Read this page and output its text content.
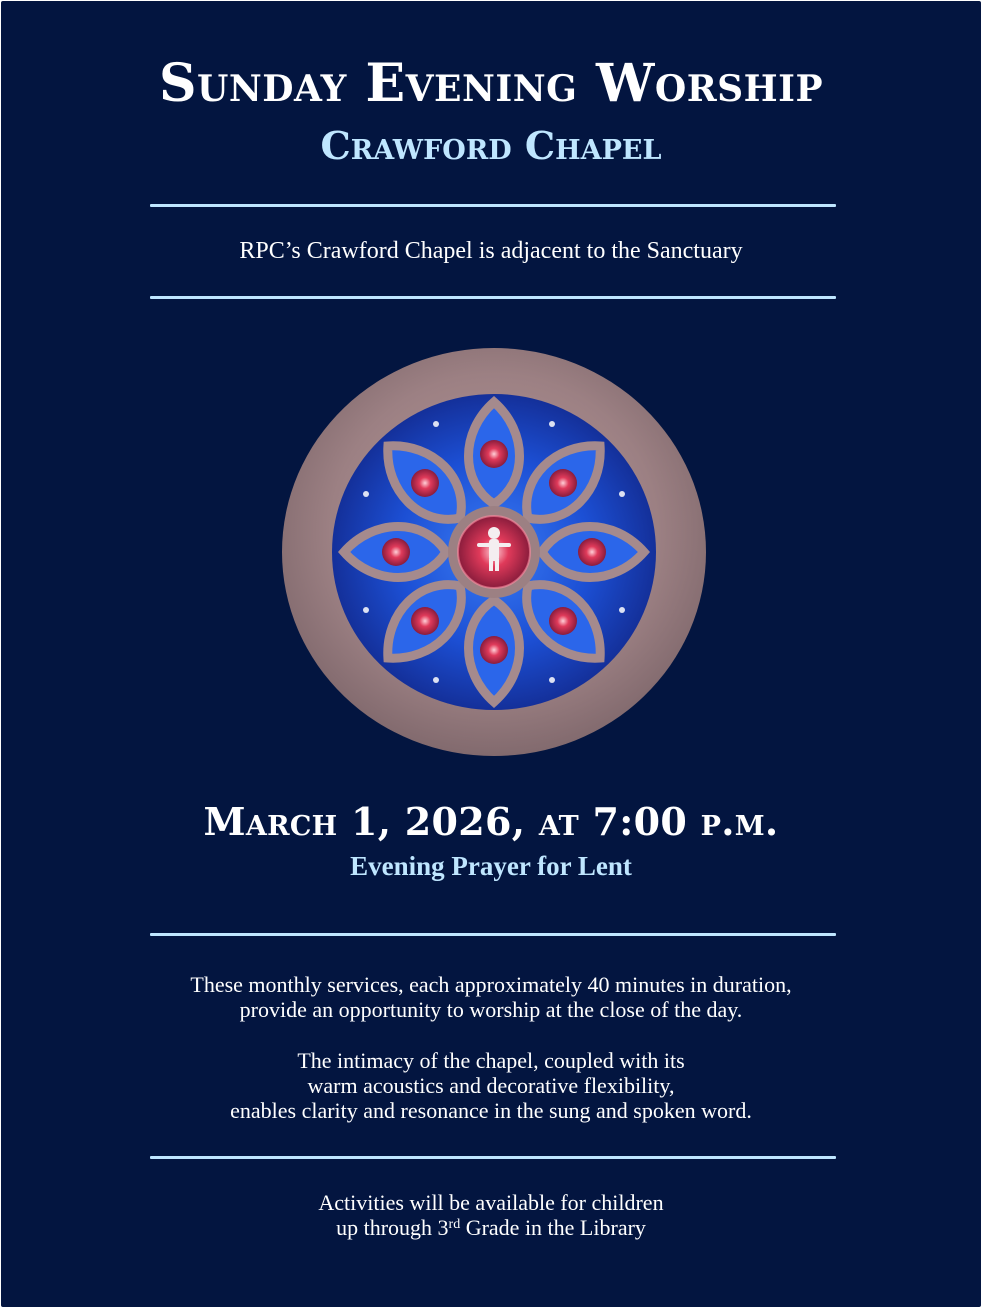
Sunday Evening Worship
Crawford Chapel
RPC’s Crawford Chapel is adjacent to the Sanctuary
March 1, 2026, at 7:00 p.m.
Evening Prayer for Lent
These monthly services, each approximately 40 minutes in duration,
provide an opportunity to worship at the close of the day.
The intimacy of the chapel, coupled with its
warm acoustics and decorative flexibility,
enables clarity and resonance in the sung and spoken word.
Activities will be available for children
up through 3rd Grade in the Library
